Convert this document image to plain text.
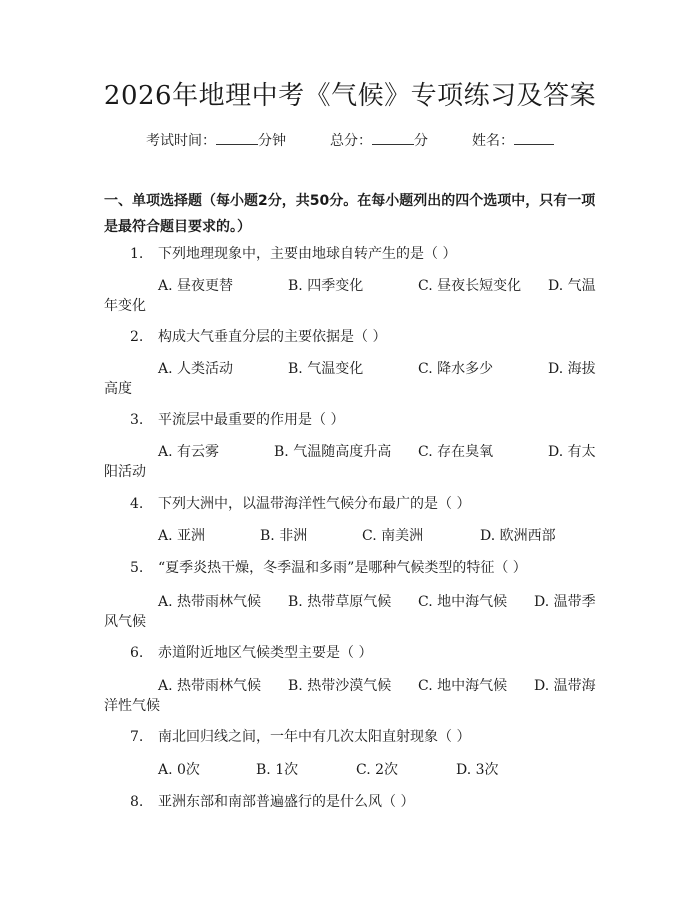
2026年地理中考《气候》专项练习及答案
考试时间：	分钟	总分：	分	姓名：
一、单项选择题（每小题2分，共50分。在每小题列出的四个选项中，只有一项是最符合题目要求的。）
1. 下列地理现象中，主要由地球自转产生的是（ ）
A. 昼夜更替	B. 四季变化	C. 昼夜长短变化 D. 气温
年变化
2. 构成大气垂直分层的主要依据是（ ）
A. 人类活动	B. 气温变化	C. 降水多少	D. 海拔
高度
3. 平流层中最重要的作用是（ ）
A. 有云雾	B. 气温随高度升高 C. 存在臭氧	D. 有太
阳活动
4. 下列大洲中，以温带海洋性气候分布最广的是（ ）
A. 亚洲	B. 非洲	C. 南美洲	D. 欧洲西部
5. “夏季炎热干燥，冬季温和多雨”是哪种气候类型的特征（ ）
A. 热带雨林气候 B. 热带草原气候 C. 地中海气候 D. 温带季
风气候
6. 赤道附近地区气候类型主要是（ ）
A. 热带雨林气候 B. 热带沙漠气候 C. 地中海气候 D. 温带海
洋性气候
7. 南北回归线之间，一年中有几次太阳直射现象（ ）
A. 0次	B. 1次	C. 2次	D. 3次
8. 亚洲东部和南部普遍盛行的是什么风（ ）
